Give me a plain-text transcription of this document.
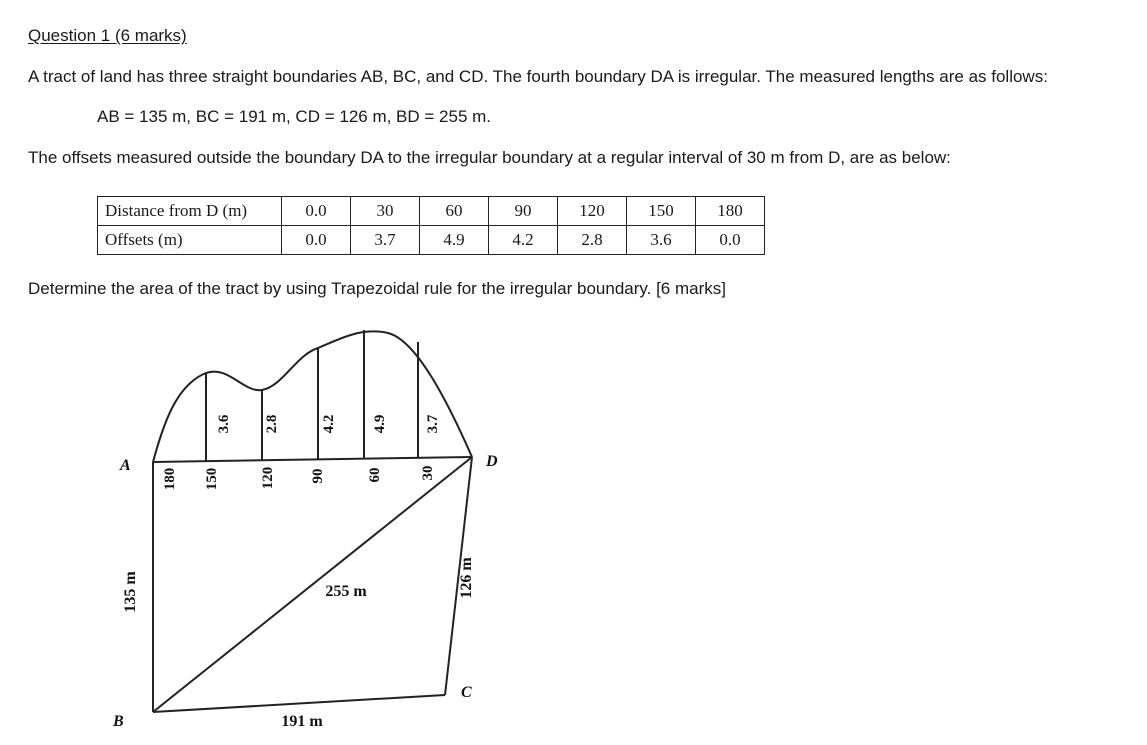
Question 1 (6 marks)
A tract of land has three straight boundaries AB, BC, and CD. The fourth boundary DA is irregular. The measured lengths are as follows:
AB = 135 m, BC = 191 m, CD = 126 m, BD = 255 m.
The offsets measured outside the boundary DA to the irregular boundary at a regular interval of 30 m from D, are as below:
Distance from D (m)	0.0	30	60	90	120	150	180
Offsets (m)	0.0	3.7	4.9	4.2	2.8	3.6	0.0
Determine the area of the tract by using Trapezoidal rule for the irregular boundary. [6 marks]
A
B
C
D
135 m	255 m
191 m
126 m
180 150	120 90	60 30
3.6 2.8	4.2 4.9 3.7
